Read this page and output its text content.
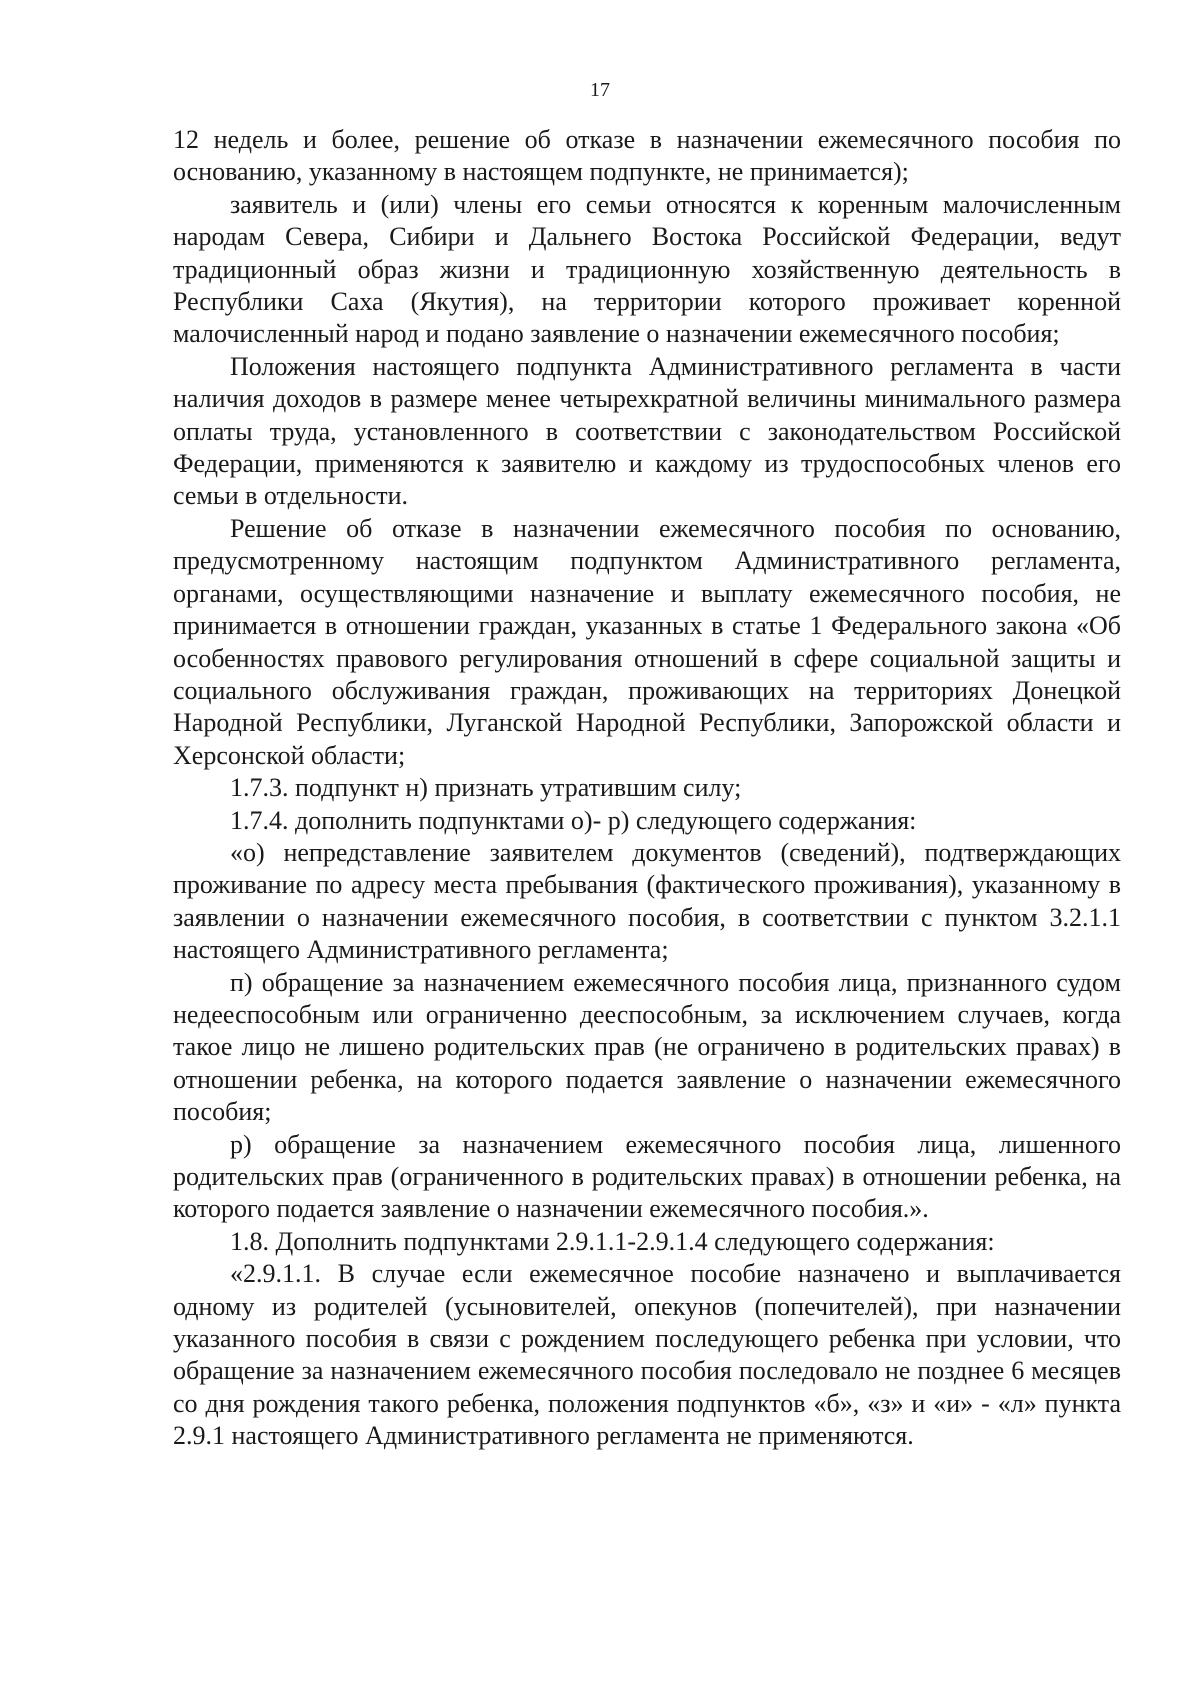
17

12 недель и более, решение об отказе в назначении ежемесячного пособия по основанию, указанному в настоящем подпункте, не принимается);

заявитель и (или) члены его семьи относятся к коренным малочисленным народам Севера, Сибири и Дальнего Востока Российской Федерации, ведут традиционный образ жизни и традиционную хозяйственную деятельность в Республики Саха (Якутия), на территории которого проживает коренной малочисленный народ и подано заявление о назначении ежемесячного пособия;

Положения настоящего подпункта Административного регламента в части наличия доходов в размере менее четырехкратной величины минимального размера оплаты труда, установленного в соответствии с законодательством Российской Федерации, применяются к заявителю и каждому из трудоспособных членов его семьи в отдельности.

Решение об отказе в назначении ежемесячного пособия по основанию, предусмотренному настоящим подпунктом Административного регламента, органами, осуществляющими назначение и выплату ежемесячного пособия, не принимается в отношении граждан, указанных в статье 1 Федерального закона «Об особенностях правового регулирования отношений в сфере социальной защиты и социального обслуживания граждан, проживающих на территориях Донецкой Народной Республики, Луганской Народной Республики, Запорожской области и Херсонской области;

1.7.3. подпункт н) признать утратившим силу;

1.7.4. дополнить подпунктами о)- р) следующего содержания:

«о) непредставление заявителем документов (сведений), подтверждающих проживание по адресу места пребывания (фактического проживания), указанному в заявлении о назначении ежемесячного пособия, в соответствии с пунктом 3.2.1.1 настоящего Административного регламента;

п) обращение за назначением ежемесячного пособия лица, признанного судом недееспособным или ограниченно дееспособным, за исключением случаев, когда такое лицо не лишено родительских прав (не ограничено в родительских правах) в отношении ребенка, на которого подается заявление о назначении ежемесячного пособия;

р) обращение за назначением ежемесячного пособия лица, лишенного родительских прав (ограниченного в родительских правах) в отношении ребенка, на которого подается заявление о назначении ежемесячного пособия.».

1.8. Дополнить подпунктами 2.9.1.1-2.9.1.4 следующего содержания:

«2.9.1.1. В случае если ежемесячное пособие назначено и выплачивается одному из родителей (усыновителей, опекунов (попечителей), при назначении указанного пособия в связи с рождением последующего ребенка при условии, что обращение за назначением ежемесячного пособия последовало не позднее 6 месяцев со дня рождения такого ребенка, положения подпунктов «б», «з» и «и» - «л» пункта 2.9.1 настоящего Административного регламента не применяются.
